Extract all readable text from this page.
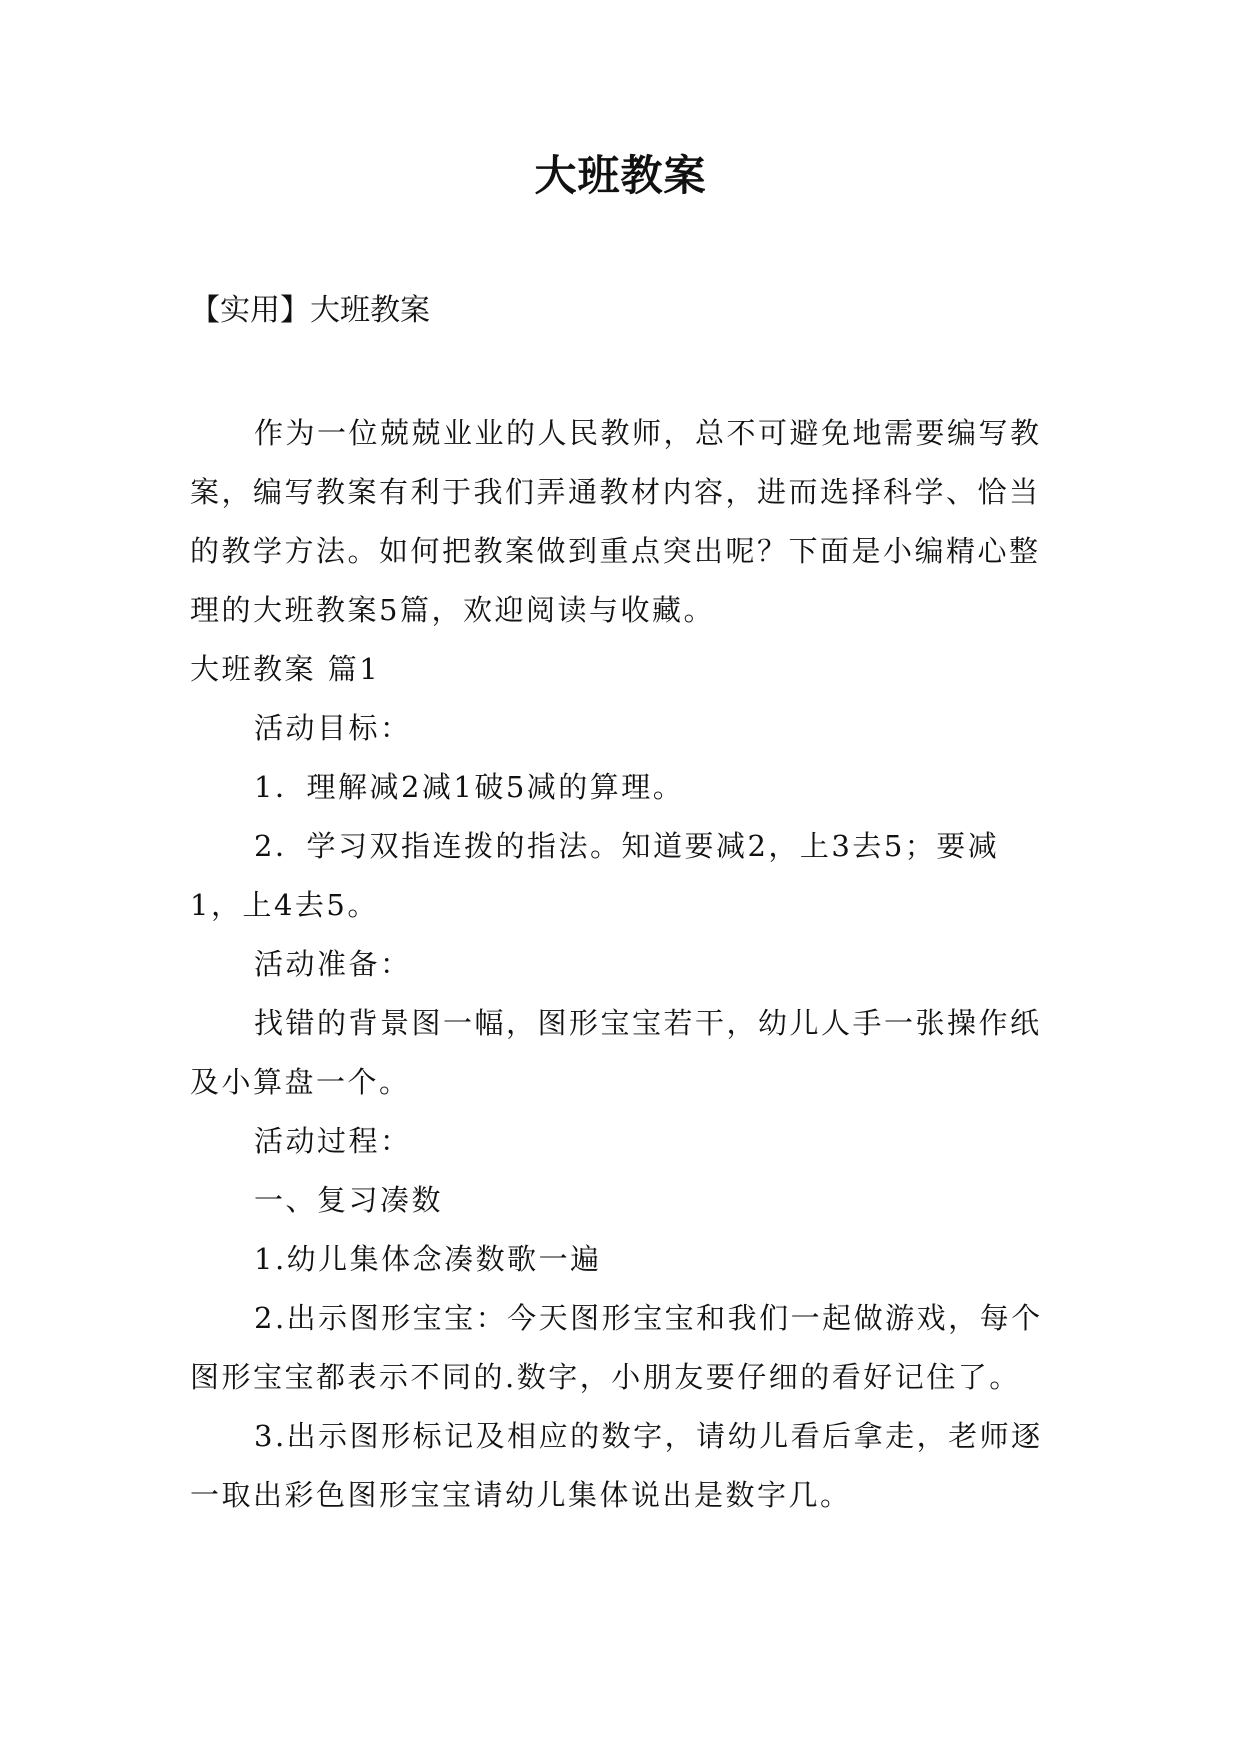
大班教案
【实用】大班教案

作为一位兢兢业业的人民教师，总不可避免地需要编写教案，编写教案有利于我们弄通教材内容，进而选择科学、恰当的教学方法。如何把教案做到重点突出呢？下面是小编精心整理的大班教案5篇，欢迎阅读与收藏。

大班教案 篇1

活动目标：

1．理解减2减1破5减的算理。

2．学习双指连拨的指法。知道要减2，上3去5；要减1，上4去5。

活动准备：

找错的背景图一幅，图形宝宝若干，幼儿人手一张操作纸及小算盘一个。

活动过程：

一、复习凑数

1.幼儿集体念凑数歌一遍

2.出示图形宝宝：今天图形宝宝和我们一起做游戏，每个图形宝宝都表示不同的.数字，小朋友要仔细的看好记住了。

3.出示图形标记及相应的数字，请幼儿看后拿走，老师逐一取出彩色图形宝宝请幼儿集体说出是数字几。
